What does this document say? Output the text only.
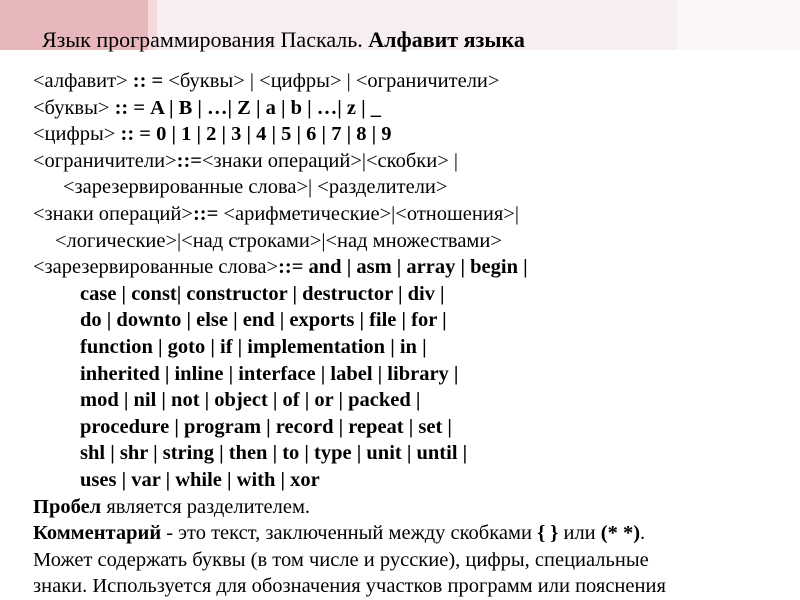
Язык программирования Паскаль. Алфавит языка
<алфавит> :: = <буквы> | <цифры> | <ограничители>
<буквы> :: = A | B | …| Z | a | b | …| z | _
<цифры> :: = 0 | 1 | 2 | 3 | 4 | 5 | 6 | 7 | 8 | 9
<ограничители>::=<знаки операций>|<скобки> |
<зарезервированные слова>| <разделители>
<знаки операций>::= <арифметические>|<отношения>|
<логические>|<над строками>|<над множествами>
<зарезервированные слова>::= and | asm | array | begin |
case | const| constructor | destructor | div |
do | downto | else | end | exports | file | for |
function | goto | if | implementation | in |
inherited | inline | interface | label | library |
mod | nil | not | object | of | or | packed |
procedure | program | record | repeat | set |
shl | shr | string | then | to | type | unit | until |
uses | var | while | with | xor
Пробел является разделителем.
Комментарий - это текст, заключенный между скобками { } или (* *).
Может содержать буквы (в том числе и русские), цифры, специальные
знаки. Используется для обозначения участков программ или пояснения
